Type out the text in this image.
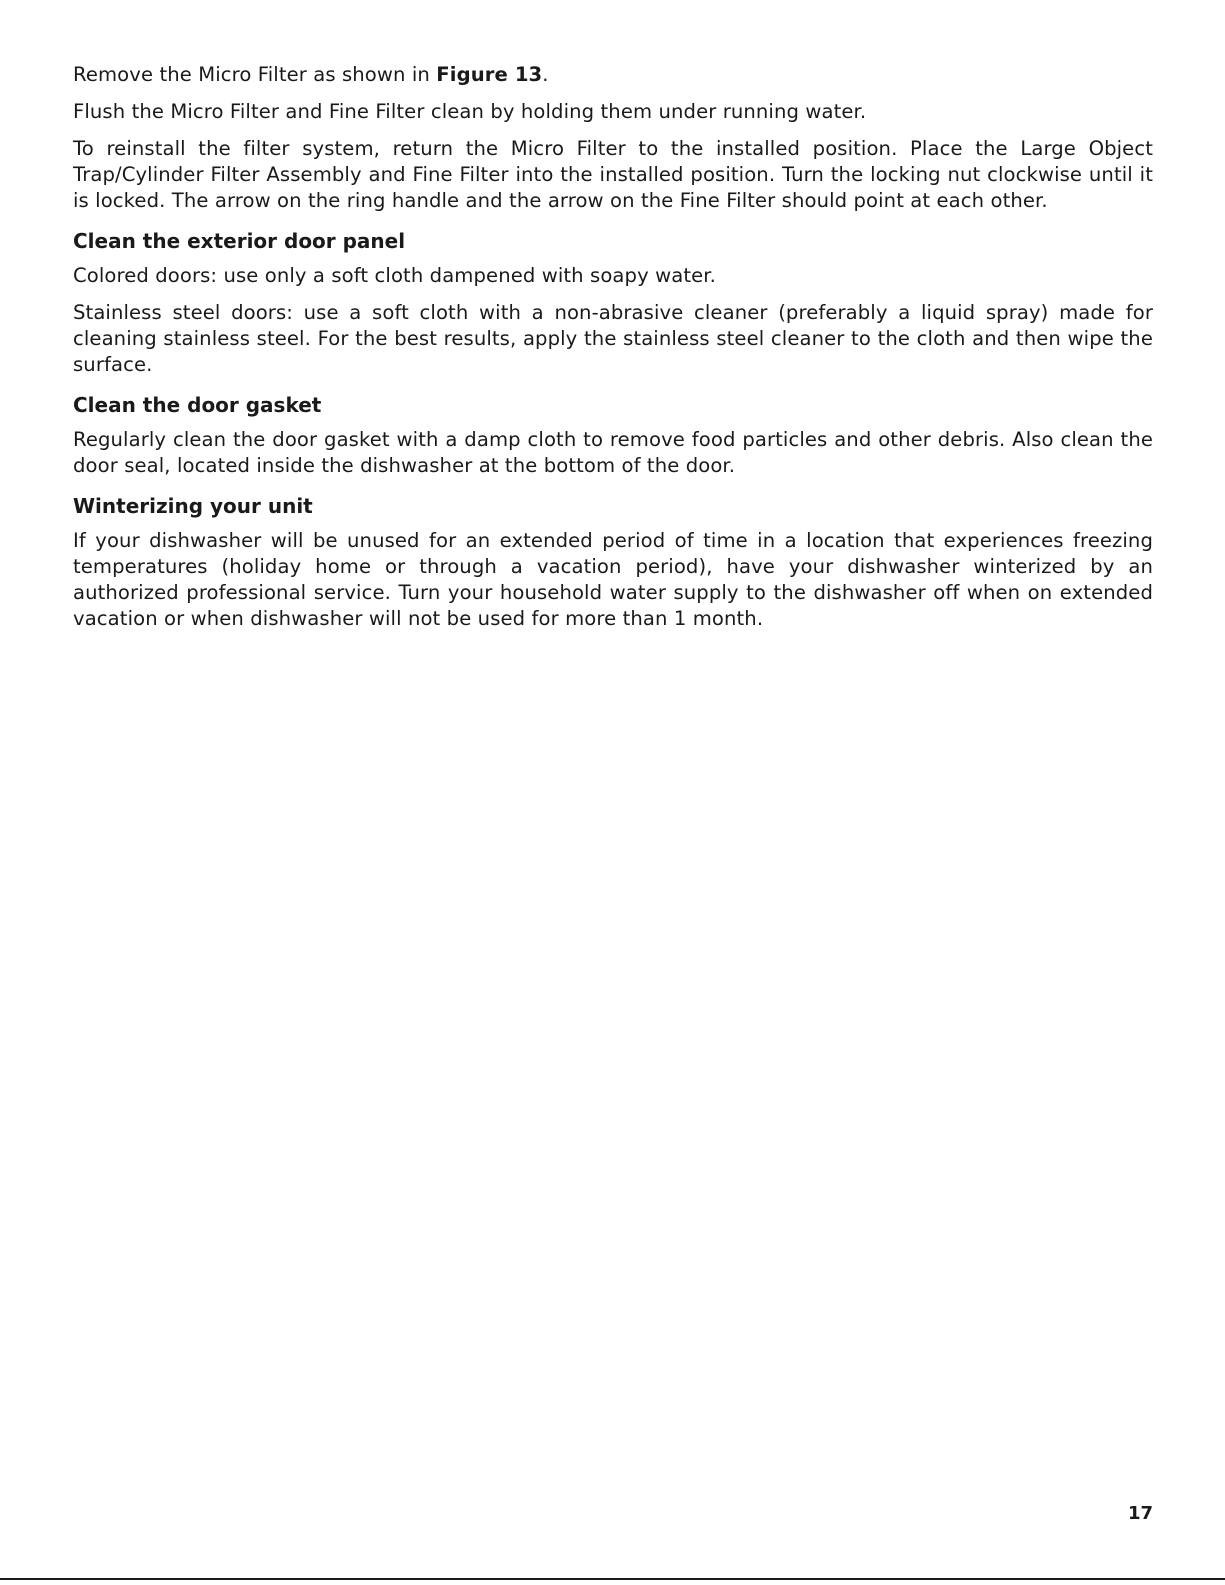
Remove the Micro Filter as shown in Figure 13.

Flush the Micro Filter and Fine Filter clean by holding them under running water.

To reinstall the filter system, return the Micro Filter to the installed position. Place the Large Object Trap/Cylinder Filter Assembly and Fine Filter into the installed position. Turn the locking nut clockwise until it is locked. The arrow on the ring handle and the arrow on the Fine Filter should point at each other.

Clean the exterior door panel

Colored doors: use only a soft cloth dampened with soapy water.

Stainless steel doors: use a soft cloth with a non-abrasive cleaner (preferably a liquid spray) made for cleaning stainless steel. For the best results, apply the stainless steel cleaner to the cloth and then wipe the surface.

Clean the door gasket

Regularly clean the door gasket with a damp cloth to remove food particles and other debris. Also clean the door seal, located inside the dishwasher at the bottom of the door.

Winterizing your unit

If your dishwasher will be unused for an extended period of time in a location that experiences freezing temperatures (holiday home or through a vacation period), have your dishwasher winterized by an authorized professional service. Turn your household water supply to the dishwasher off when on extended vacation or when dishwasher will not be used for more than 1 month.

17
